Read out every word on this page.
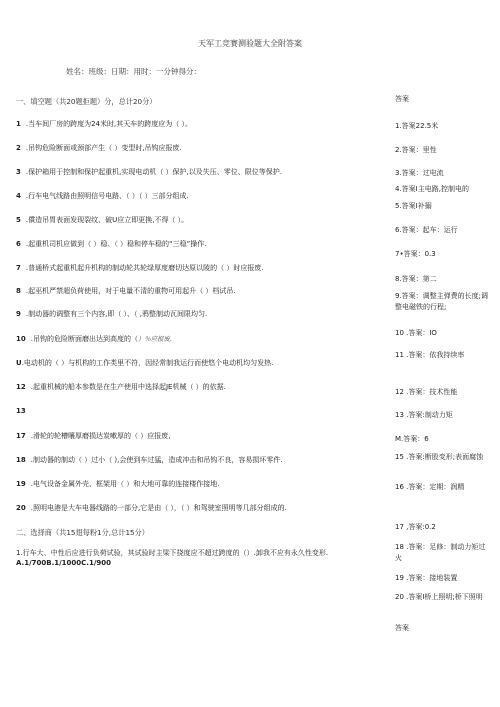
天军工竞赛测验题大全附答案
姓名：班级：日期：用时：一分钟得分：
一、填空题（共20题拒题）分，总计20分）
1 .当车间厂房的跨度为24米时,其天车的跨度应为（ ）。
2 .吊钩危险断面或颈部产生（ ）变型时,吊钩应报废.
3 .保护箱用于控制和保护起重机,实现电动机（ ）保护,以及失压、零位、限位等保护.
4 .行车电气线路由照明信号电路、（ ）（ ）三部分组成.
5 .償造吊胃表面发现裂纹、破U应立即更换,不得（ ）。
6 .起重机司机应做到（ ）稳、（ ）稳和停车稳的“三稳”操作.
7 .普通桥式起重机起升机构的制动轮共轮绿厚度磨切达原以陵的（ ）时应报废.
8 .起巫机严禁超负荷使用，对于电量不清的重物可用起升（ ）档试吊.
9 .制动器的调整有三个内容,即（ ）、（ ,鸦整制动瓦间限均匀.
10 .吊钩的危险断面磨出达到高度的（）％应报废.
U.电动机的（ ）与机构的工作类里不符，因经常制我运行而使悠个电动机均匀发热.
12 .起重机械的船本参数是在生产使用中选择起JE机械（ ）的依据.
13
17 .滑轮的轮槽嚷厚磨损达炭嗽厚的（ ）应报废,
18 .制动器的制动（ ）过小（ ),会使到车过猛，造成冲击和吊钩不良，容易损坏零件.
19 .电气设备金属外壳、框架用（ ）和大地可靠的连接楼作接地.
20 .照明电港是大车电器线路的一部分,它是由（ ），（ ）和驾驶室照明等几部分组成的.
二、选择商（共15翅每粉1分,总计15分）
1.行车大、中性后应进行负荷试验，其试验时主梁下挠度应不超过跨度的（）.卸我不应有永久性变形.
A.1/700B.1/1000C.1/900
答案
1.答案22.5米
2.答案：里性
3.答案：过电流
4.答案I主电路,控制电的
5.答案I补搦
6.答案：起车：运行
7•答案：0.3
8.答案：第二
9.答案：调整主弹费的长度;调整电磁铁的行程;
10 .答案：IO
11 .答案：依我持续率
12 .答案：技术性能
13 .答案:制动力矩
M.答案：6
15 .答案:断股变形;表面腐蚀
16 .答案：定期：润精
17 ,答案:0.2
18 .答案：足修：制动力矩过火
19 .答案：接地装置
20 .答案I桥上照明;桥下照明
答案
